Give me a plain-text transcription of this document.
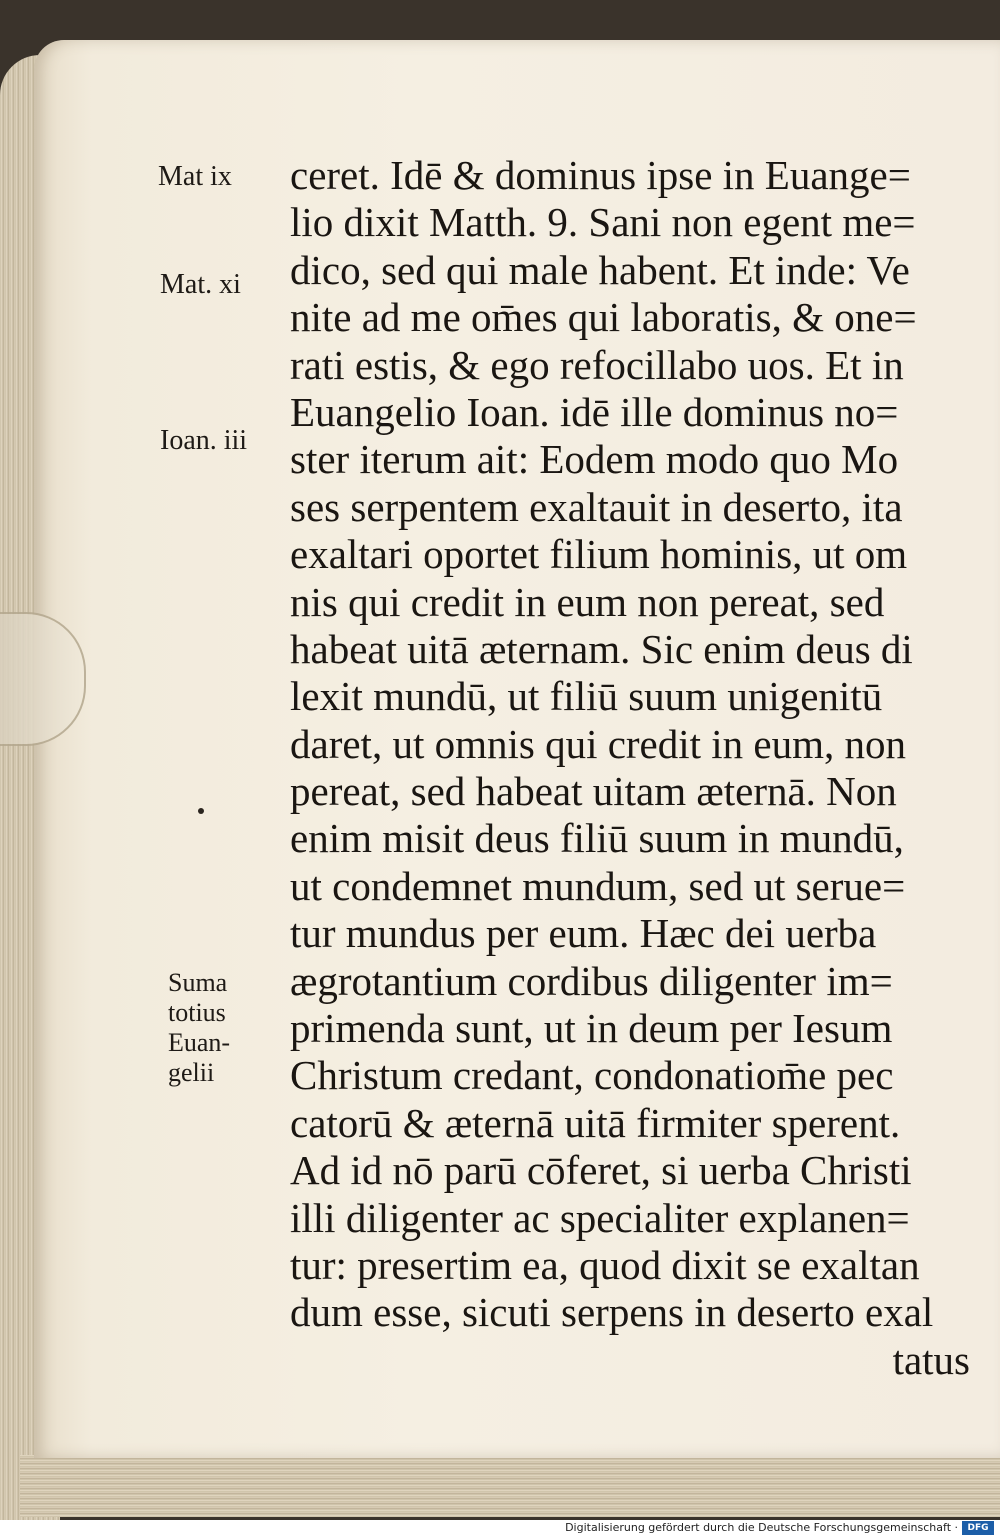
Mat ix
Mat. xi
Ioan. iii
Suma
totius
Euan-
gelii
ceret. Idē & dominus ipse in Euange=
lio dixit Matth. 9. Sani non egent me=
dico, sed qui male habent. Et inde: Ve
nite ad me om̄es qui laboratis, & one=
rati estis, & ego refocillabo uos. Et in
Euangelio Ioan. idē ille dominus no=
ster iterum ait: Eodem modo quo Mo
ses serpentem exaltauit in deserto, ita
exaltari oportet filium hominis, ut om
nis qui credit in eum non pereat, sed
habeat uitā æternam. Sic enim deus di
lexit mundū, ut filiū suum unigenitū
daret, ut omnis qui credit in eum, non
pereat, sed habeat uitam æternā. Non
enim misit deus filiū suum in mundū,
ut condemnet mundum, sed ut serue=
tur mundus per eum. Hæc dei uerba
ægrotantium cordibus diligenter im=
primenda sunt, ut in deum per Iesum
Christum credant, condonatiom̄e pec
catorū & æternā uitā firmiter sperent.
Ad id nō parū cōferet, si uerba Christi
illi diligenter ac specialiter explanen=
tur: presertim ea, quod dixit se exaltan
dum esse, sicuti serpens in deserto exal
tatus
Digitalisierung gefördert durch die Deutsche Forschungsgemeinschaft ·	DFG
